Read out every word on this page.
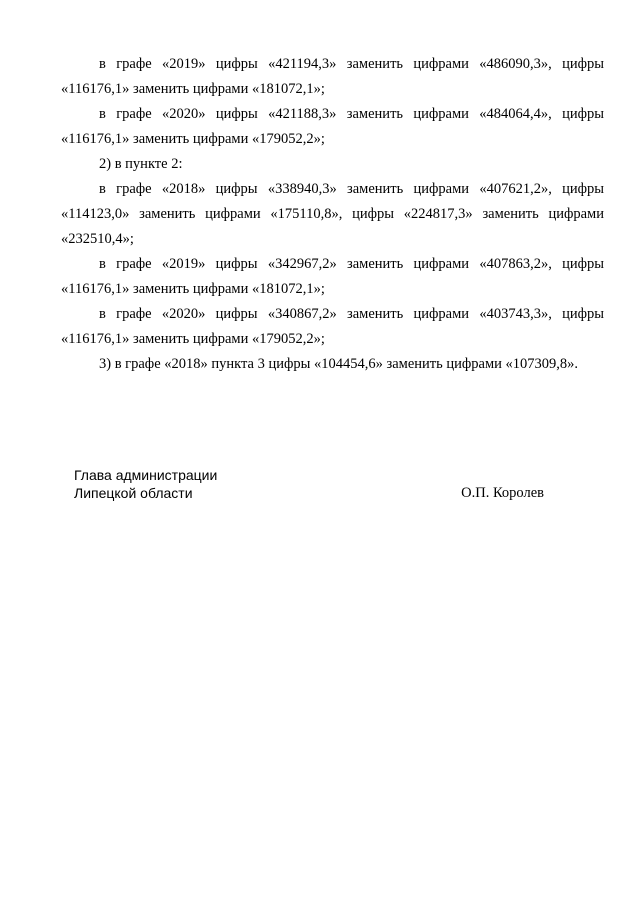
в графе «2019» цифры «421194,3» заменить цифрами «486090,3», цифры «116176,1» заменить цифрами «181072,1»;

в графе «2020» цифры «421188,3» заменить цифрами «484064,4», цифры «116176,1» заменить цифрами «179052,2»;

2) в пункте 2:

в графе «2018» цифры «338940,3» заменить цифрами «407621,2», цифры «114123,0» заменить цифрами «175110,8», цифры «224817,3» заменить цифрами «232510,4»;

в графе «2019» цифры «342967,2» заменить цифрами «407863,2», цифры «116176,1» заменить цифрами «181072,1»;

в графе «2020» цифры «340867,2» заменить цифрами «403743,3», цифры «116176,1» заменить цифрами «179052,2»;

3) в графе «2018» пункта 3 цифры «104454,6» заменить цифрами «107309,8».

Глава администрации
Липецкой области	О.П. Королев
